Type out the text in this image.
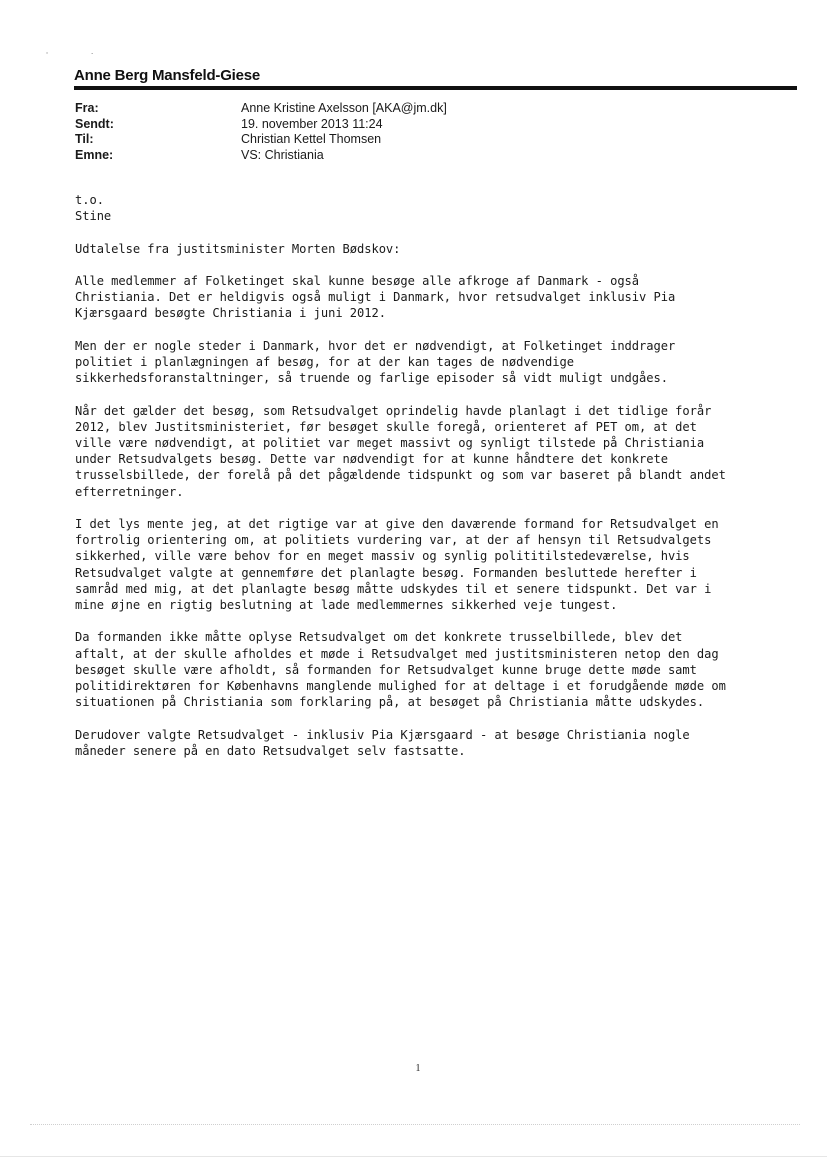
ﾟ	·
Anne Berg Mansfeld-Giese
Fra:	Anne Kristine Axelsson [AKA@jm.dk]
Sendt:	19. november 2013 11:24
Til:	Christian Kettel Thomsen
Emne:	VS: Christiania
t.o.
Stine
Udtalelse fra justitsminister Morten Bødskov:
Alle medlemmer af Folketinget skal kunne besøge alle afkroge af Danmark - også
Christiania. Det er heldigvis også muligt i Danmark, hvor retsudvalget inklusiv Pia
Kjærsgaard besøgte Christiania i juni 2012.
Men der er nogle steder i Danmark, hvor det er nødvendigt, at Folketinget inddrager
politiet i planlægningen af besøg, for at der kan tages de nødvendige
sikkerhedsforanstaltninger, så truende og farlige episoder så vidt muligt undgåes.
Når det gælder det besøg, som Retsudvalget oprindelig havde planlagt i det tidlige forår
2012, blev Justitsministeriet, før besøget skulle foregå, orienteret af PET om, at det
ville være nødvendigt, at politiet var meget massivt og synligt tilstede på Christiania
under Retsudvalgets besøg. Dette var nødvendigt for at kunne håndtere det konkrete
trusselsbillede, der forelå på det pågældende tidspunkt og som var baseret på blandt andet
efterretninger.
I det lys mente jeg, at det rigtige var at give den daværende formand for Retsudvalget en
fortrolig orientering om, at politiets vurdering var, at der af hensyn til Retsudvalgets
sikkerhed, ville være behov for en meget massiv og synlig polititilstedeværelse, hvis
Retsudvalget valgte at gennemføre det planlagte besøg. Formanden besluttede herefter i
samråd med mig, at det planlagte besøg måtte udskydes til et senere tidspunkt. Det var i
mine øjne en rigtig beslutning at lade medlemmernes sikkerhed veje tungest.
Da formanden ikke måtte oplyse Retsudvalget om det konkrete trusselbillede, blev det
aftalt, at der skulle afholdes et møde i Retsudvalget med justitsministeren netop den dag
besøget skulle være afholdt, så formanden for Retsudvalget kunne bruge dette møde samt
politidirektøren for Københavns manglende mulighed for at deltage i et forudgående møde om
situationen på Christiania som forklaring på, at besøget på Christiania måtte udskydes.
Derudover valgte Retsudvalget - inklusiv Pia Kjærsgaard - at besøge Christiania nogle
måneder senere på en dato Retsudvalget selv fastsatte.
1
